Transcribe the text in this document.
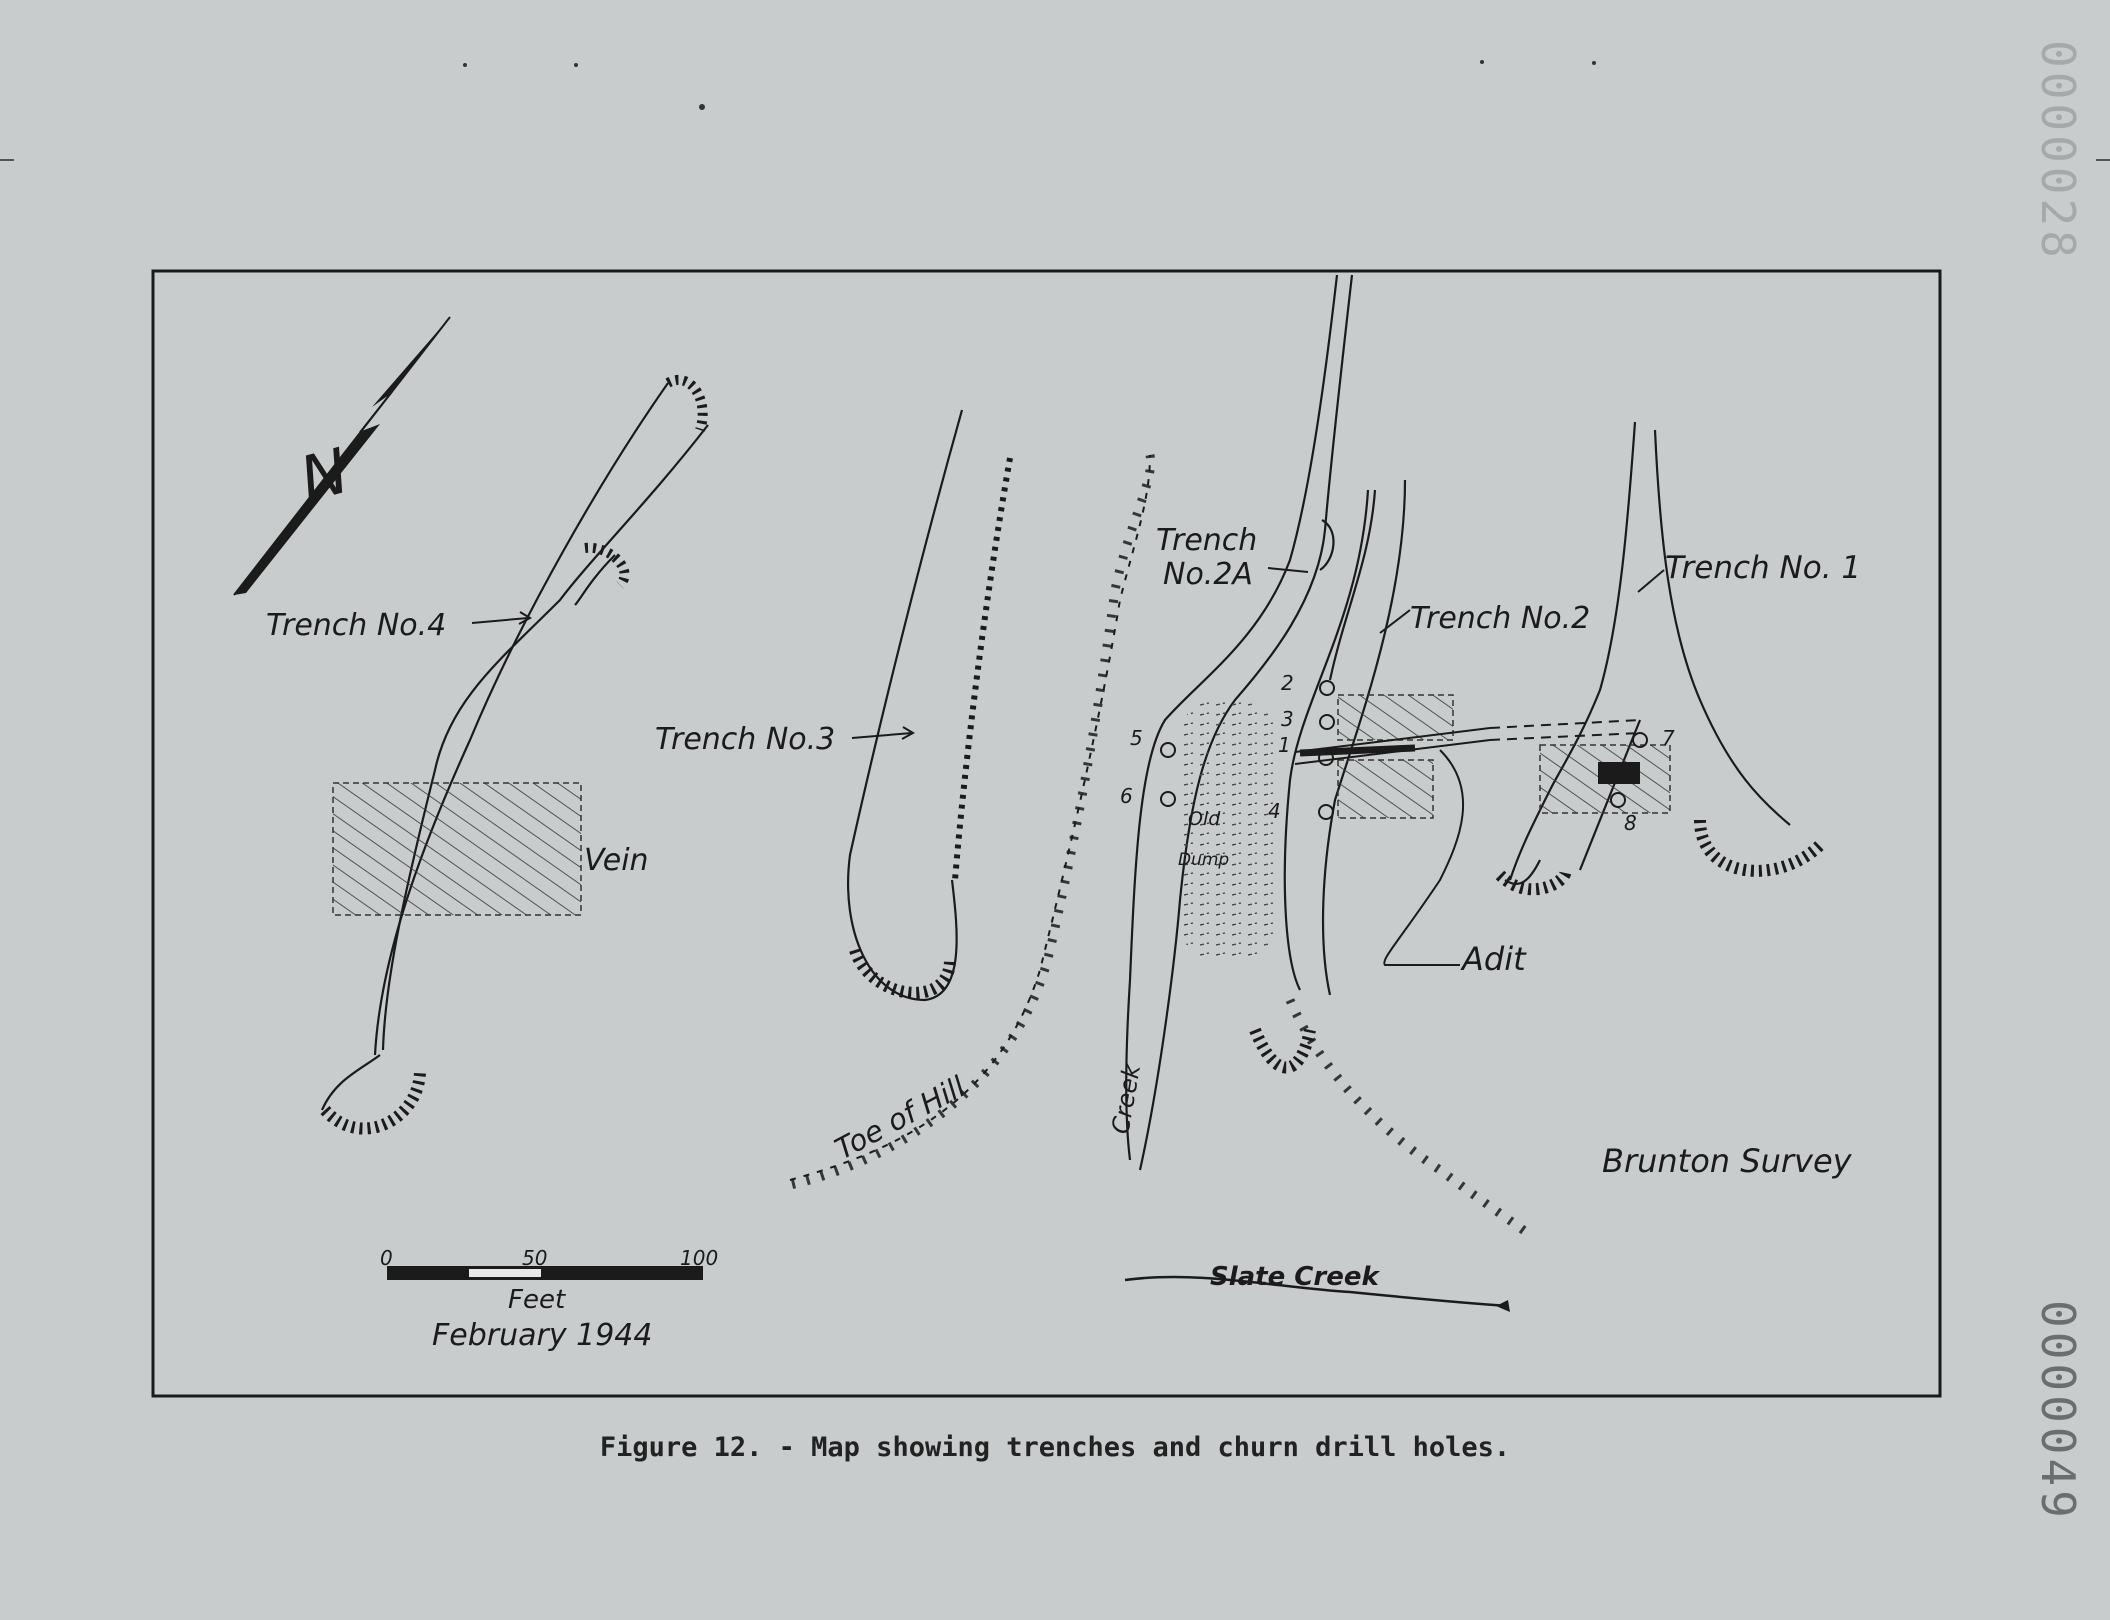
0000028
0000049
N
2
3
1
4
5
6
7
8
Trench No.4
Vein
Trench No.3
Trench
No.2A
Trench No.2
Trench No. 1
Old
Dump
Adit
Toe of Hill	Creek
Brunton Survey
Slate Creek
0	50	100
Feet
February 1944
Figure 12. - Map showing trenches and churn drill holes.
